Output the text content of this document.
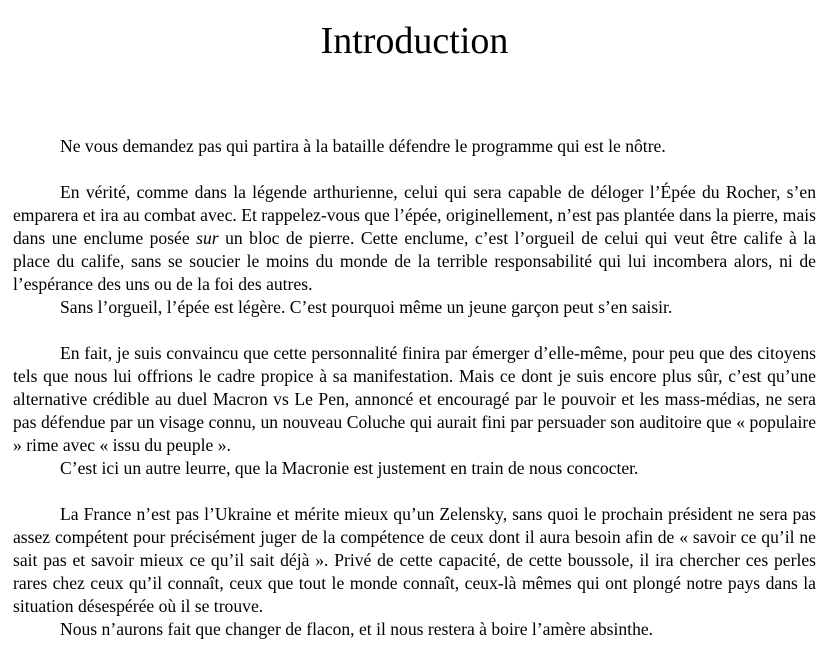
Introduction

Ne vous demandez pas qui partira à la bataille défendre le programme qui est le nôtre.

En vérité, comme dans la légende arthurienne, celui qui sera capable de déloger l’Épée du Rocher, s’en emparera et ira au combat avec. Et rappelez-vous que l’épée, originellement, n’est pas plantée dans la pierre, mais dans une enclume posée sur un bloc de pierre. Cette enclume, c’est l’orgueil de celui qui veut être calife à la place du calife, sans se soucier le moins du monde de la terrible responsabilité qui lui incombera alors, ni de l’espérance des uns ou de la foi des autres.

Sans l’orgueil, l’épée est légère. C’est pourquoi même un jeune garçon peut s’en saisir.

En fait, je suis convaincu que cette personnalité finira par émerger d’elle-même, pour peu que des citoyens tels que nous lui offrions le cadre propice à sa manifestation. Mais ce dont je suis encore plus sûr, c’est qu’une alternative crédible au duel Macron vs Le Pen, annoncé et encouragé par le pouvoir et les mass-médias, ne sera pas défendue par un visage connu, un nouveau Coluche qui aurait fini par persuader son auditoire que « populaire » rime avec « issu du peuple ».

C’est ici un autre leurre, que la Macronie est justement en train de nous concocter.

La France n’est pas l’Ukraine et mérite mieux qu’un Zelensky, sans quoi le prochain président ne sera pas assez compétent pour précisément juger de la compétence de ceux dont il aura besoin afin de « savoir ce qu’il ne sait pas et savoir mieux ce qu’il sait déjà ». Privé de cette capacité, de cette boussole, il ira chercher ces perles rares chez ceux qu’il connaît, ceux que tout le monde connaît, ceux-là mêmes qui ont plongé notre pays dans la situation désespérée où il se trouve.

Nous n’aurons fait que changer de flacon, et il nous restera à boire l’amère absinthe.
